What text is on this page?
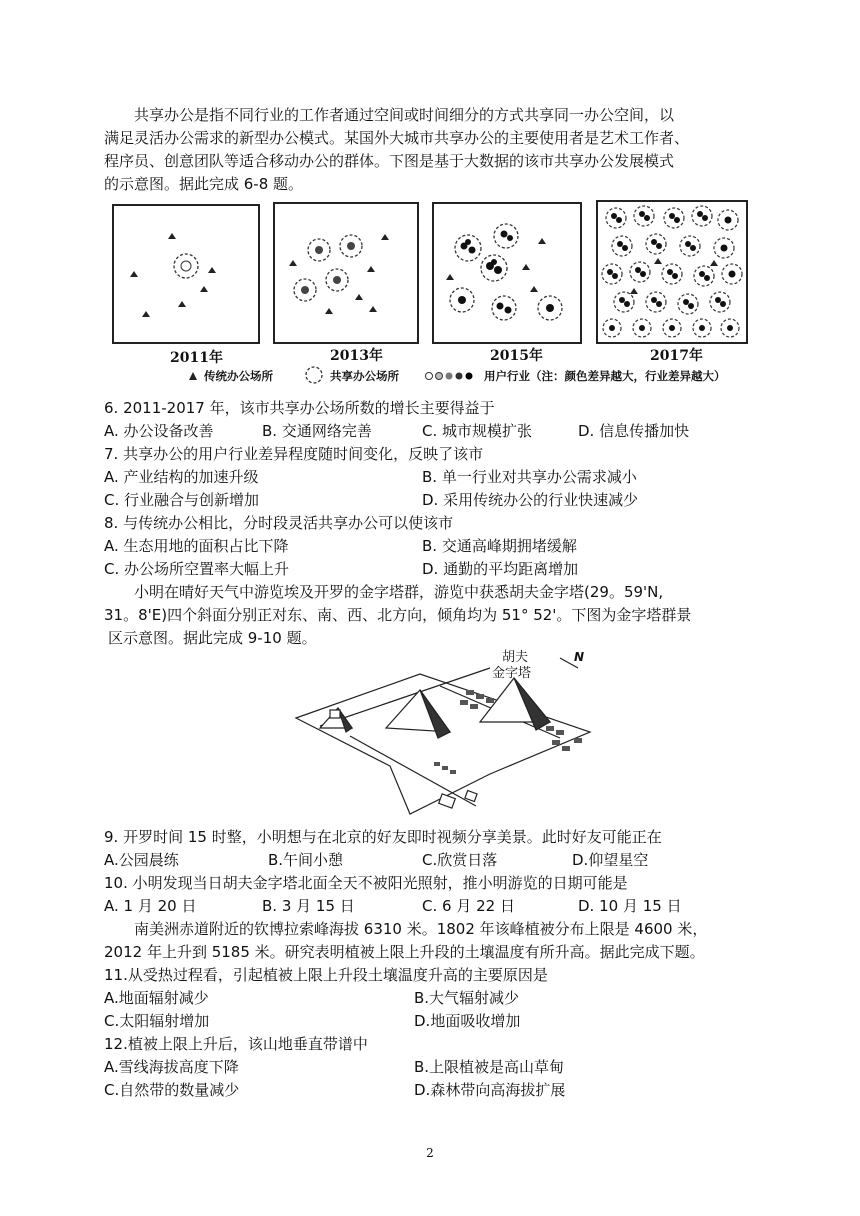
共享办公是指不同行业的工作者通过空间或时间细分的方式共享同一办公空间，以
满足灵活办公需求的新型办公模式。某国外大城市共享办公的主要使用者是艺术工作者、
程序员、创意团队等适合移动办公的群体。下图是基于大数据的该市共享办公发展模式
的示意图。据此完成 6-8 题。
2011年	2013年	2015年	2017年
传统办公场所	共享办公场所	用户行业（注：颜色差异越大，行业差异越大）
6. 2011-2017 年，该市共享办公场所数的增长主要得益于
A. 办公设备改善	B. 交通网络完善	C. 城市规模扩张	D. 信息传播加快
7. 共享办公的用户行业差异程度随时间变化，反映了该市
A. 产业结构的加速升级	B. 单一行业对共享办公需求减小
C. 行业融合与创新增加	D. 采用传统办公的行业快速减少
8. 与传统办公相比，分时段灵活共享办公可以使该市
A. 生态用地的面积占比下降	B. 交通高峰期拥堵缓解
C. 办公场所空置率大幅上升	D. 通勤的平均距离增加
小明在晴好天气中游览埃及开罗的金字塔群，游览中获悉胡夫金字塔(29。59'N,
31。8'E)四个斜面分别正对东、南、西、北方向，倾角均为 51° 52'。下图为金字塔群景
区示意图。据此完成 9-10 题。
胡夫
金字塔
N
9. 开罗时间 15 时整，小明想与在北京的好友即时视频分享美景。此时好友可能正在
A.公园晨练	B.午间小憩	C.欣赏日落	D.仰望星空
10. 小明发现当日胡夫金字塔北面全天不被阳光照射，推小明游览的日期可能是
A. 1 月 20 日	B. 3 月 15 日	C. 6 月 22 日	D. 10 月 15 日
南美洲赤道附近的钦博拉索峰海拔 6310 米。1802 年该峰植被分布上限是 4600 米，
2012 年上升到 5185 米。研究表明植被上限上升段的土壤温度有所升高。据此完成下题。
11.从受热过程看，引起植被上限上升段土壤温度升高的主要原因是
A.地面辐射减少	B.大气辐射减少
C.太阳辐射增加	D.地面吸收增加
12.植被上限上升后，该山地垂直带谱中
A.雪线海拔高度下降	B.上限植被是高山草甸
C.自然带的数量减少	D.森林带向高海拔扩展
2
